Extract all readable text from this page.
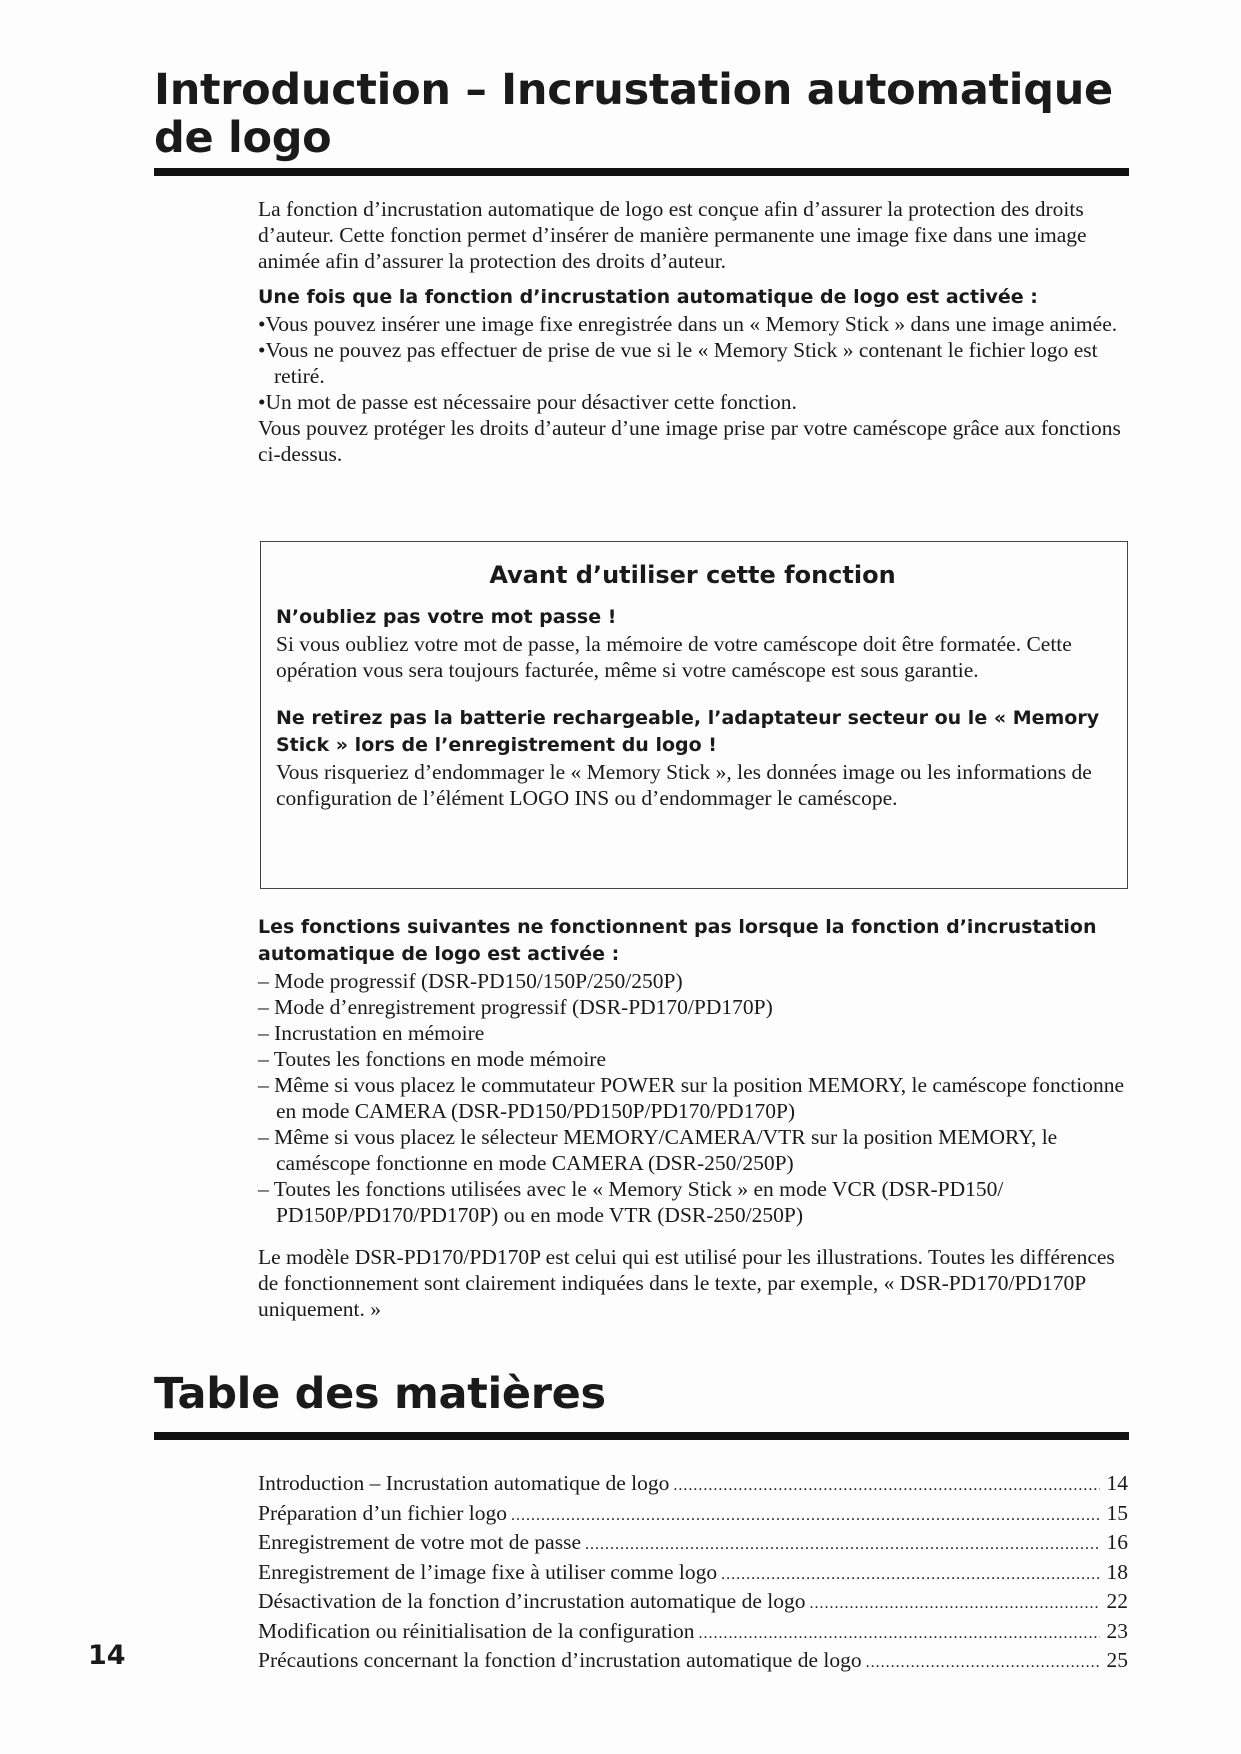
Introduction – Incrustation automatique de logo

La fonction d’incrustation automatique de logo est conçue afin d’assurer la protection des droits d’auteur. Cette fonction permet d’insérer de manière permanente une image fixe dans une image animée afin d’assurer la protection des droits d’auteur.

Une fois que la fonction d’incrustation automatique de logo est activée :

•Vous pouvez insérer une image fixe enregistrée dans un « Memory Stick » dans une image animée.
•Vous ne pouvez pas effectuer de prise de vue si le « Memory Stick » contenant le fichier logo est retiré.
•Un mot de passe est nécessaire pour désactiver cette fonction.

Vous pouvez protéger les droits d’auteur d’une image prise par votre caméscope grâce aux fonctions ci-dessus.

Avant d’utiliser cette fonction

N’oubliez pas votre mot passe !

Si vous oubliez votre mot de passe, la mémoire de votre caméscope doit être formatée. Cette opération vous sera toujours facturée, même si votre caméscope est sous garantie.

Ne retirez pas la batterie rechargeable, l’adaptateur secteur ou le « Memory Stick » lors de l’enregistrement du logo !

Vous risqueriez d’endommager le « Memory Stick », les données image ou les informations de configuration de l’élément LOGO INS ou d’endommager le caméscope.

Les fonctions suivantes ne fonctionnent pas lorsque la fonction d’incrustation automatique de logo est activée :

– Mode progressif (DSR-PD150/150P/250/250P)
– Mode d’enregistrement progressif (DSR-PD170/PD170P)
– Incrustation en mémoire
– Toutes les fonctions en mode mémoire
– Même si vous placez le commutateur POWER sur la position MEMORY, le caméscope fonctionne en mode CAMERA (DSR-PD150/PD150P/PD170/PD170P)
– Même si vous placez le sélecteur MEMORY/CAMERA/VTR sur la position MEMORY, le caméscope fonctionne en mode CAMERA (DSR-250/250P)
– Toutes les fonctions utilisées avec le « Memory Stick » en mode VCR (DSR-PD150/ PD150P/PD170/PD170P) ou en mode VTR (DSR-250/250P)

Le modèle DSR-PD170/PD170P est celui qui est utilisé pour les illustrations. Toutes les différences de fonctionnement sont clairement indiquées dans le texte, par exemple, « DSR-PD170/PD170P uniquement. »

Table des matières
Introduction – Incrustation automatique de logo .....	14
Préparation d’un fichier logo .....	15
Enregistrement de votre mot de passe .....	16
Enregistrement de l’image fixe à utiliser comme logo .....	18
Désactivation de la fonction d’incrustation automatique de logo .....	22
Modification ou réinitialisation de la configuration .....	23
Précautions concernant la fonction d’incrustation automatique de logo .....	25
14
